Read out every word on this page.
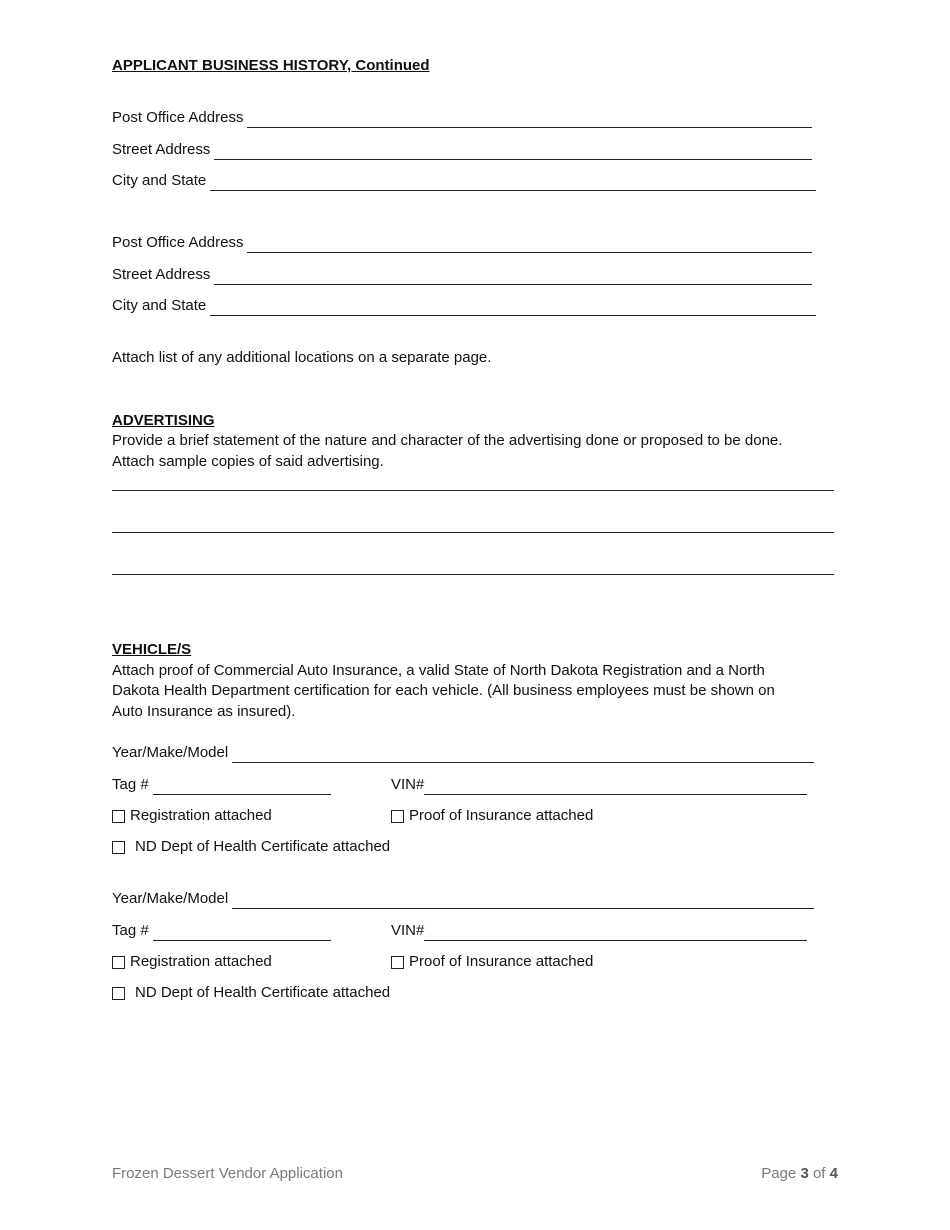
APPLICANT BUSINESS HISTORY, Continued
Post Office Address
Street Address
City and State
Post Office Address
Street Address
City and State
Attach list of any additional locations on a separate page.
ADVERTISING
Provide a brief statement of the nature and character of the advertising done or proposed to be done.
Attach sample copies of said advertising.
VEHICLE/S
Attach proof of Commercial Auto Insurance, a valid State of North Dakota Registration and a North
Dakota Health Department certification for each vehicle. (All business employees must be shown on
Auto Insurance as insured).
Year/Make/Model
Tag #	VIN#
Registration attached	Proof of Insurance attached
ND Dept of Health Certificate attached
Year/Make/Model
Tag #	VIN#
Registration attached	Proof of Insurance attached
ND Dept of Health Certificate attached
Frozen Dessert Vendor Application	Page 3 of 4
